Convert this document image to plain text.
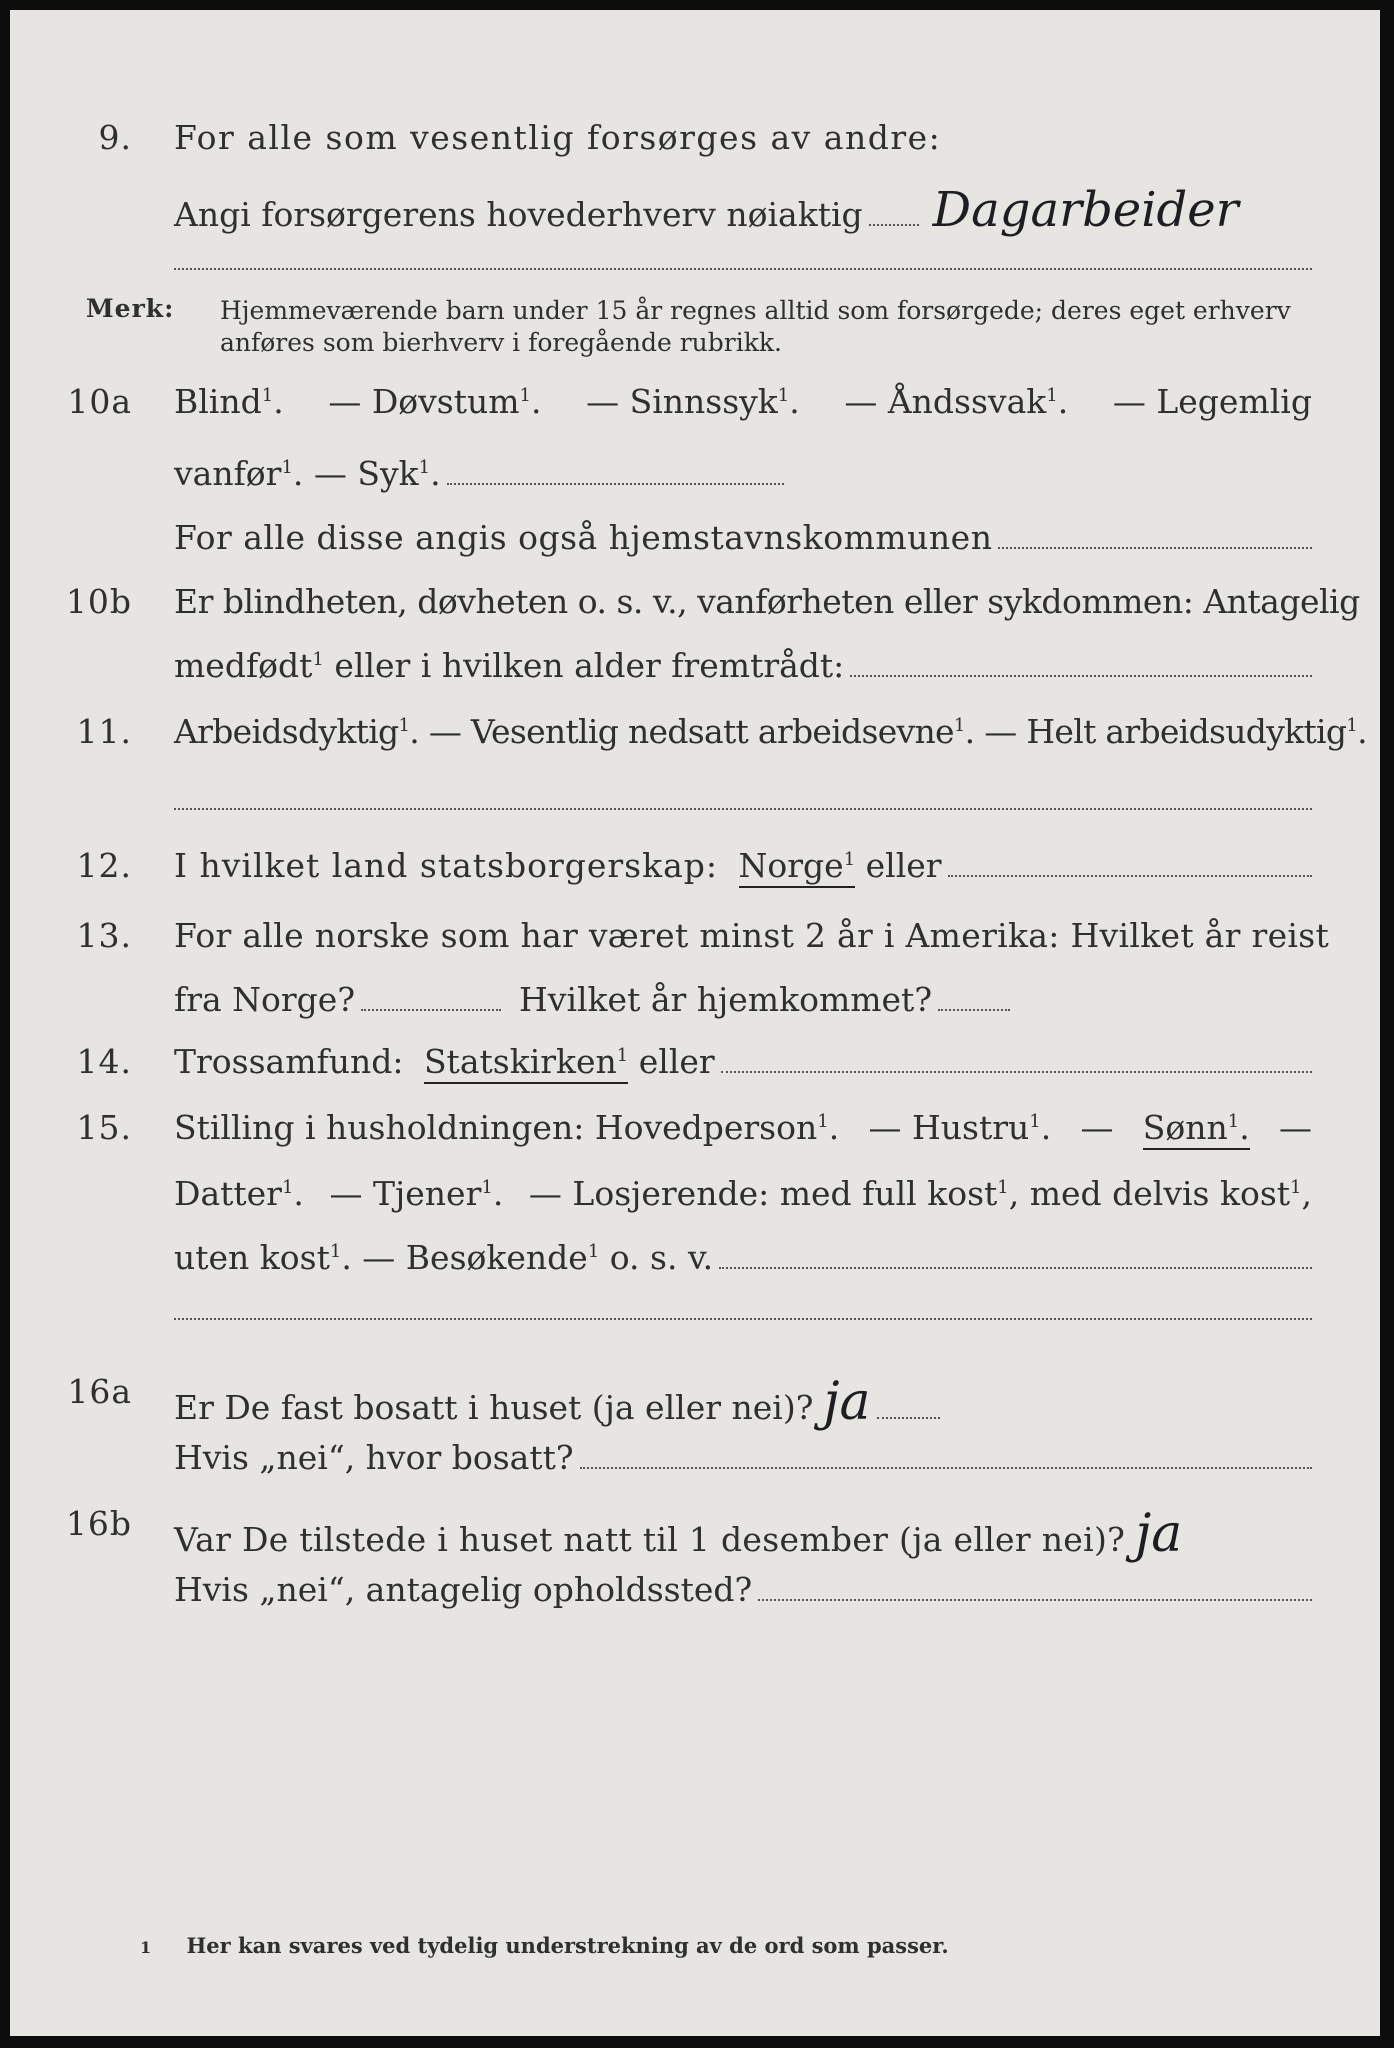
9. For alle som vesentlig forsørges av andre:
Angi forsørgerens hovederhverv nøiaktig Dagarbeider
Merk: Hjemmeværende barn under 15 år regnes alltid som forsørgede; deres eget erhverv
anføres som bierhverv i foregående rubrikk.
10a Blind$^1$. — Døvstum$^1$. — Sinnssyk$^1$. — Åndssvak$^1$. — Legemlig
vanfør$^1$. — Syk$^1$.
For alle disse angis også hjemstavnskommunen
10b Er blindheten, døvheten o. s. v., vanførheten eller sykdommen: Antagelig
medfødt$^1$ eller i hvilken alder fremtrådt:
11. Arbeidsdyktig$^1$. — Vesentlig nedsatt arbeidsevne$^1$. — Helt arbeidsudyktig$^1$.
12. I hvilket land statsborgerskap:
Norge$^1$
eller
13. For alle norske som har været minst 2 år i Amerika: Hvilket år reist
fra Norge?	Hvilket år hjemkommet?
14. Trossamfund:
Statskirken$^1$
eller
15. Stilling i husholdningen: Hovedperson$^1$. — Hustru$^1$. — Sønn$^1$. —
Datter$^1$. — Tjener$^1$. — Losjerende: med full kost$^1$, med delvis kost$^1$,
uten kost$^1$. — Besøkende$^1$ o. s. v.
16a Er De fast bosatt i huset (ja eller nei)? ja
Hvis „nei“, hvor bosatt?
16b Var De tilstede i huset natt til 1 desember (ja eller nei)? ja
Hvis „nei“, antagelig opholdssted?
1 Her kan svares ved tydelig understrekning av de ord som passer.
